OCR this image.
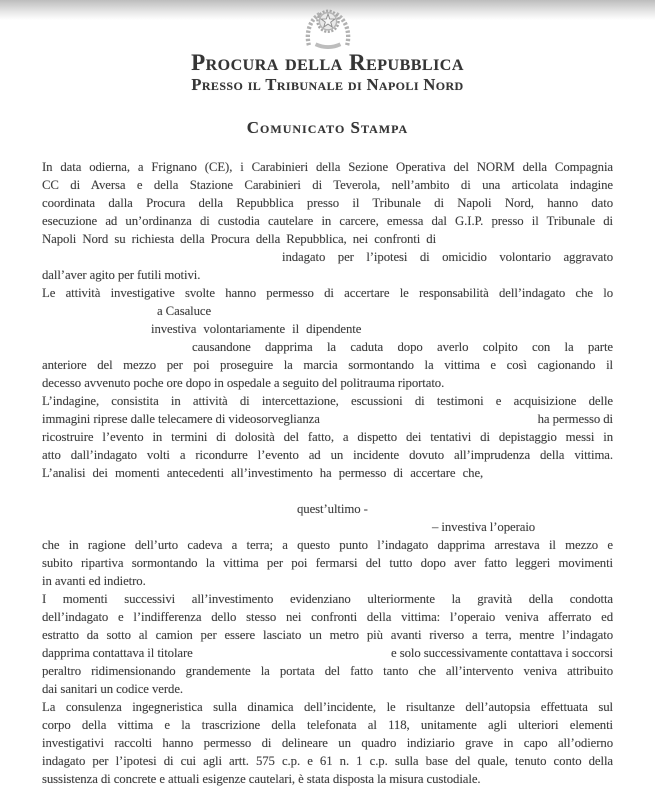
Procura della Repubblica
Presso il Tribunale di Napoli Nord
Comunicato Stampa
In data odierna, a Frignano (CE), i Carabinieri della Sezione Operativa del NORM della Compagnia
CC di Aversa e della Stazione Carabinieri di Teverola, nell’ambito di una articolata indagine
coordinata dalla Procura della Repubblica presso il Tribunale di Napoli Nord, hanno dato
esecuzione ad un’ordinanza di custodia cautelare in carcere, emessa dal G.I.P. presso il Tribunale di
Napoli Nord su richiesta della Procura della Repubblica, nei confronti di
indagato per l’ipotesi di omicidio volontario aggravato
dall’aver agito per futili motivi.
Le attività investigative svolte hanno permesso di accertare le responsabilità dell’indagato che lo
a Casaluce
investiva volontariamente il dipendente
causandone dapprima la caduta dopo averlo colpito con la parte
anteriore del mezzo per poi proseguire la marcia sormontando la vittima e così cagionando il
decesso avvenuto poche ore dopo in ospedale a seguito del politrauma riportato.
L’indagine, consistita in attività di intercettazione, escussioni di testimoni e acquisizione delle
immagini riprese dalle telecamere di videosorveglianza	ha permesso di
ricostruire l’evento in termini di dolosità del fatto, a dispetto dei tentativi di depistaggio messi in
atto dall’indagato volti a ricondurre l’evento ad un incidente dovuto all’imprudenza della vittima.
L’analisi dei momenti antecedenti all’investimento ha permesso di accertare che,
quest’ultimo -
– investiva l’operaio
che in ragione dell’urto cadeva a terra; a questo punto l’indagato dapprima arrestava il mezzo e
subito ripartiva sormontando la vittima per poi fermarsi del tutto dopo aver fatto leggeri movimenti
in avanti ed indietro.
I momenti successivi all’investimento evidenziano ulteriormente la gravità della condotta
dell’indagato e l’indifferenza dello stesso nei confronti della vittima: l’operaio veniva afferrato ed
estratto da sotto al camion per essere lasciato un metro più avanti riverso a terra, mentre l’indagato
dapprima contattava il titolare	e solo successivamente contattava i soccorsi
peraltro ridimensionando grandemente la portata del fatto tanto che all’intervento veniva attribuito
dai sanitari un codice verde.
La consulenza ingegneristica sulla dinamica dell’incidente, le risultanze dell’autopsia effettuata sul
corpo della vittima e la trascrizione della telefonata al 118, unitamente agli ulteriori elementi
investigativi raccolti hanno permesso di delineare un quadro indiziario grave in capo all’odierno
indagato per l’ipotesi di cui agli artt. 575 c.p. e 61 n. 1 c.p. sulla base del quale, tenuto conto della
sussistenza di concrete e attuali esigenze cautelari, è stata disposta la misura custodiale.
